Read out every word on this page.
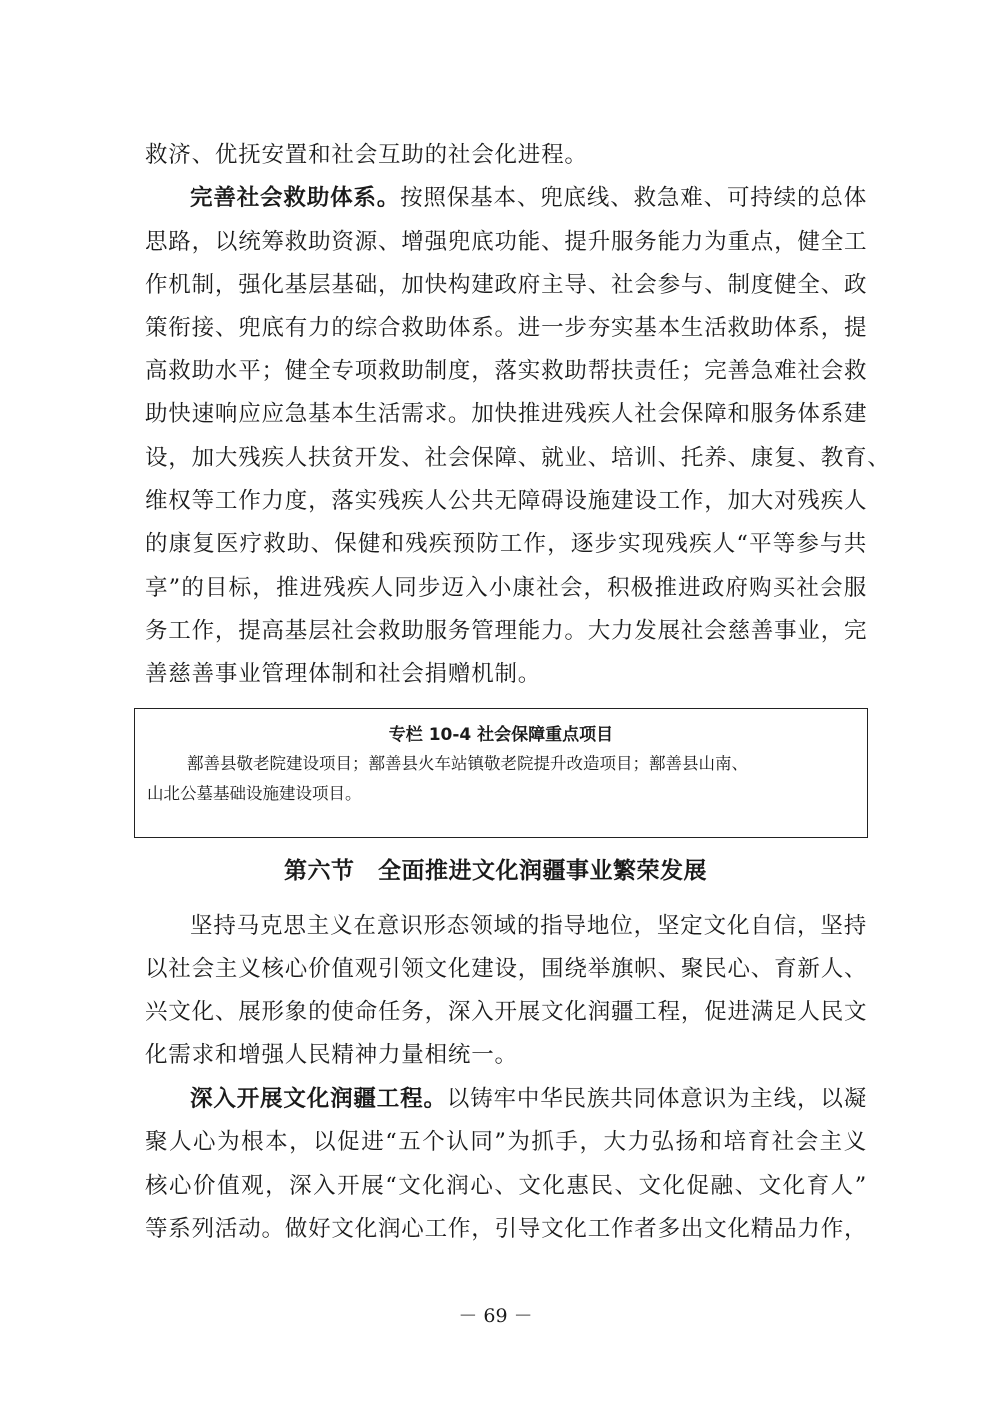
救济、优抚安置和社会互助的社会化进程。
完善社会救助体系。按照保基本、兜底线、救急难、可持续的总体
思路，以统筹救助资源、增强兜底功能、提升服务能力为重点，健全工
作机制，强化基层基础，加快构建政府主导、社会参与、制度健全、政
策衔接、兜底有力的综合救助体系。进一步夯实基本生活救助体系，提
高救助水平；健全专项救助制度，落实救助帮扶责任；完善急难社会救
助快速响应应急基本生活需求。加快推进残疾人社会保障和服务体系建
设，加大残疾人扶贫开发、社会保障、就业、培训、托养、康复、教育、
维权等工作力度，落实残疾人公共无障碍设施建设工作，加大对残疾人
的康复医疗救助、保健和残疾预防工作，逐步实现残疾人“平等参与共
享”的目标，推进残疾人同步迈入小康社会，积极推进政府购买社会服
务工作，提高基层社会救助服务管理能力。大力发展社会慈善事业，完
善慈善事业管理体制和社会捐赠机制。
专栏 10-4 社会保障重点项目
鄯善县敬老院建设项目；鄯善县火车站镇敬老院提升改造项目；鄯善县山南、
山北公墓基础设施建设项目。
第六节　全面推进文化润疆事业繁荣发展
坚持马克思主义在意识形态领域的指导地位，坚定文化自信，坚持
以社会主义核心价值观引领文化建设，围绕举旗帜、聚民心、育新人、
兴文化、展形象的使命任务，深入开展文化润疆工程，促进满足人民文
化需求和增强人民精神力量相统一。
深入开展文化润疆工程。以铸牢中华民族共同体意识为主线，以凝
聚人心为根本，以促进“五个认同”为抓手，大力弘扬和培育社会主义
核心价值观，深入开展“文化润心、文化惠民、文化促融、文化育人”
等系列活动。做好文化润心工作，引导文化工作者多出文化精品力作，
－ 69 －
